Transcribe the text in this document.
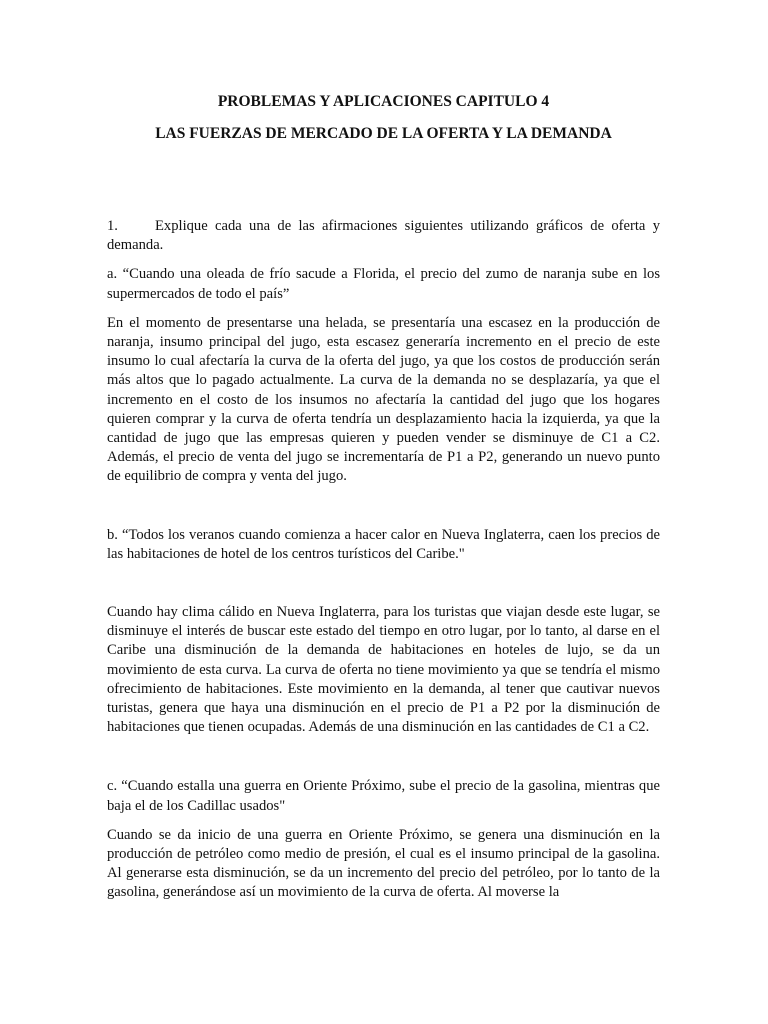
PROBLEMAS Y APLICACIONES CAPITULO 4
LAS FUERZAS DE MERCADO DE LA OFERTA Y LA DEMANDA

1.	Explique cada una de las afirmaciones siguientes utilizando gráficos de oferta y demanda.

a. “Cuando una oleada de frío sacude a Florida, el precio del zumo de naranja sube en los supermercados de todo el país”

En el momento de presentarse una helada, se presentaría una escasez en la producción de naranja, insumo principal del jugo, esta escasez generaría incremento en el precio de este insumo lo cual afectaría la curva de la oferta del jugo, ya que los costos de producción serán más altos que lo pagado actualmente. La curva de la demanda no se desplazaría, ya que el incremento en el costo de los insumos no afectaría la cantidad del jugo que los hogares quieren comprar y la curva de oferta tendría un desplazamiento hacia la izquierda, ya que la cantidad de jugo que las empresas quieren y pueden vender se disminuye de C1 a C2. Además, el precio de venta del jugo se incrementaría de P1 a P2, generando un nuevo punto de equilibrio de compra y venta del jugo.

b. “Todos los veranos cuando comienza a hacer calor en Nueva Inglaterra, caen los precios de las habitaciones de hotel de los centros turísticos del Caribe."

Cuando hay clima cálido en Nueva Inglaterra, para los turistas que viajan desde este lugar, se disminuye el interés de buscar este estado del tiempo en otro lugar, por lo tanto, al darse en el Caribe una disminución de la demanda de habitaciones en hoteles de lujo, se da un movimiento de esta curva. La curva de oferta no tiene movimiento ya que se tendría el mismo ofrecimiento de habitaciones. Este movimiento en la demanda, al tener que cautivar nuevos turistas, genera que haya una disminución en el precio de P1 a P2 por la disminución de habitaciones que tienen ocupadas. Además de una disminución en las cantidades de C1 a C2.

c. “Cuando estalla una guerra en Oriente Próximo, sube el precio de la gasolina, mientras que baja el de los Cadillac usados"

Cuando se da inicio de una guerra en Oriente Próximo, se genera una disminución en la producción de petróleo como medio de presión, el cual es el insumo principal de la gasolina. Al generarse esta disminución, se da un incremento del precio del petróleo, por lo tanto de la gasolina, generándose así un movimiento de la curva de oferta. Al moverse la
